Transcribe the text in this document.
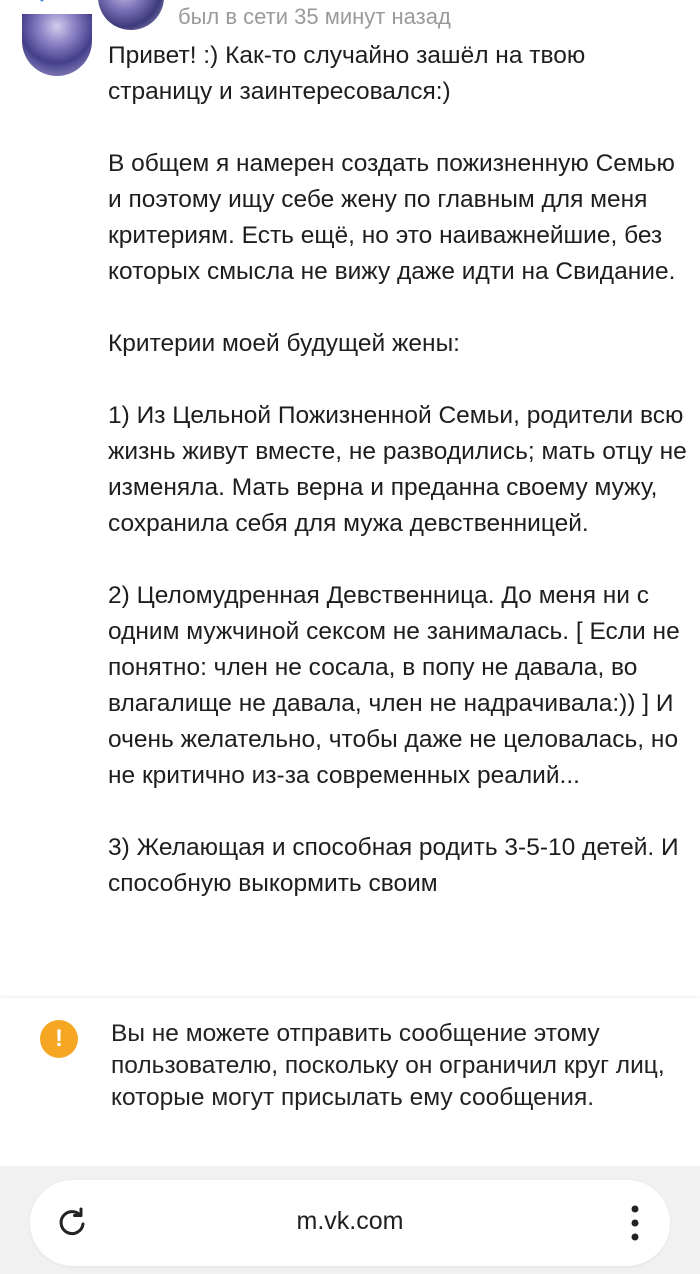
был в сети 35 минут назад

Привет! :) Как-то случайно зашёл на твою страницу и заинтересовался:)

В общем я намерен создать пожизненную Семью и поэтому ищу себе жену по главным для меня критериям. Есть ещё, но это наиважнейшие, без которых смысла не вижу даже идти на Свидание.

Критерии моей будущей жены:

1) Из Цельной Пожизненной Семьи, родители всю жизнь живут вместе, не разводились; мать отцу не изменяла. Мать верна и преданна своему мужу, сохранила себя для мужа девственницей.

2) Целомудренная Девственница. До меня ни с одним мужчиной сексом не занималась. [ Если не понятно: член не сосала, в попу не давала, во влагалище не давала, член не надрачивала:)) ] И очень желательно, чтобы даже не целовалась, но не критично из-за современных реалий...

3) Желающая и способная родить 3-5-10 детей. И способную выкормить своим

!	Вы не можете отправить сообщение этому пользователю, поскольку он ограничил круг лиц, которые могут присылать ему сообщения.
m.vk.com
